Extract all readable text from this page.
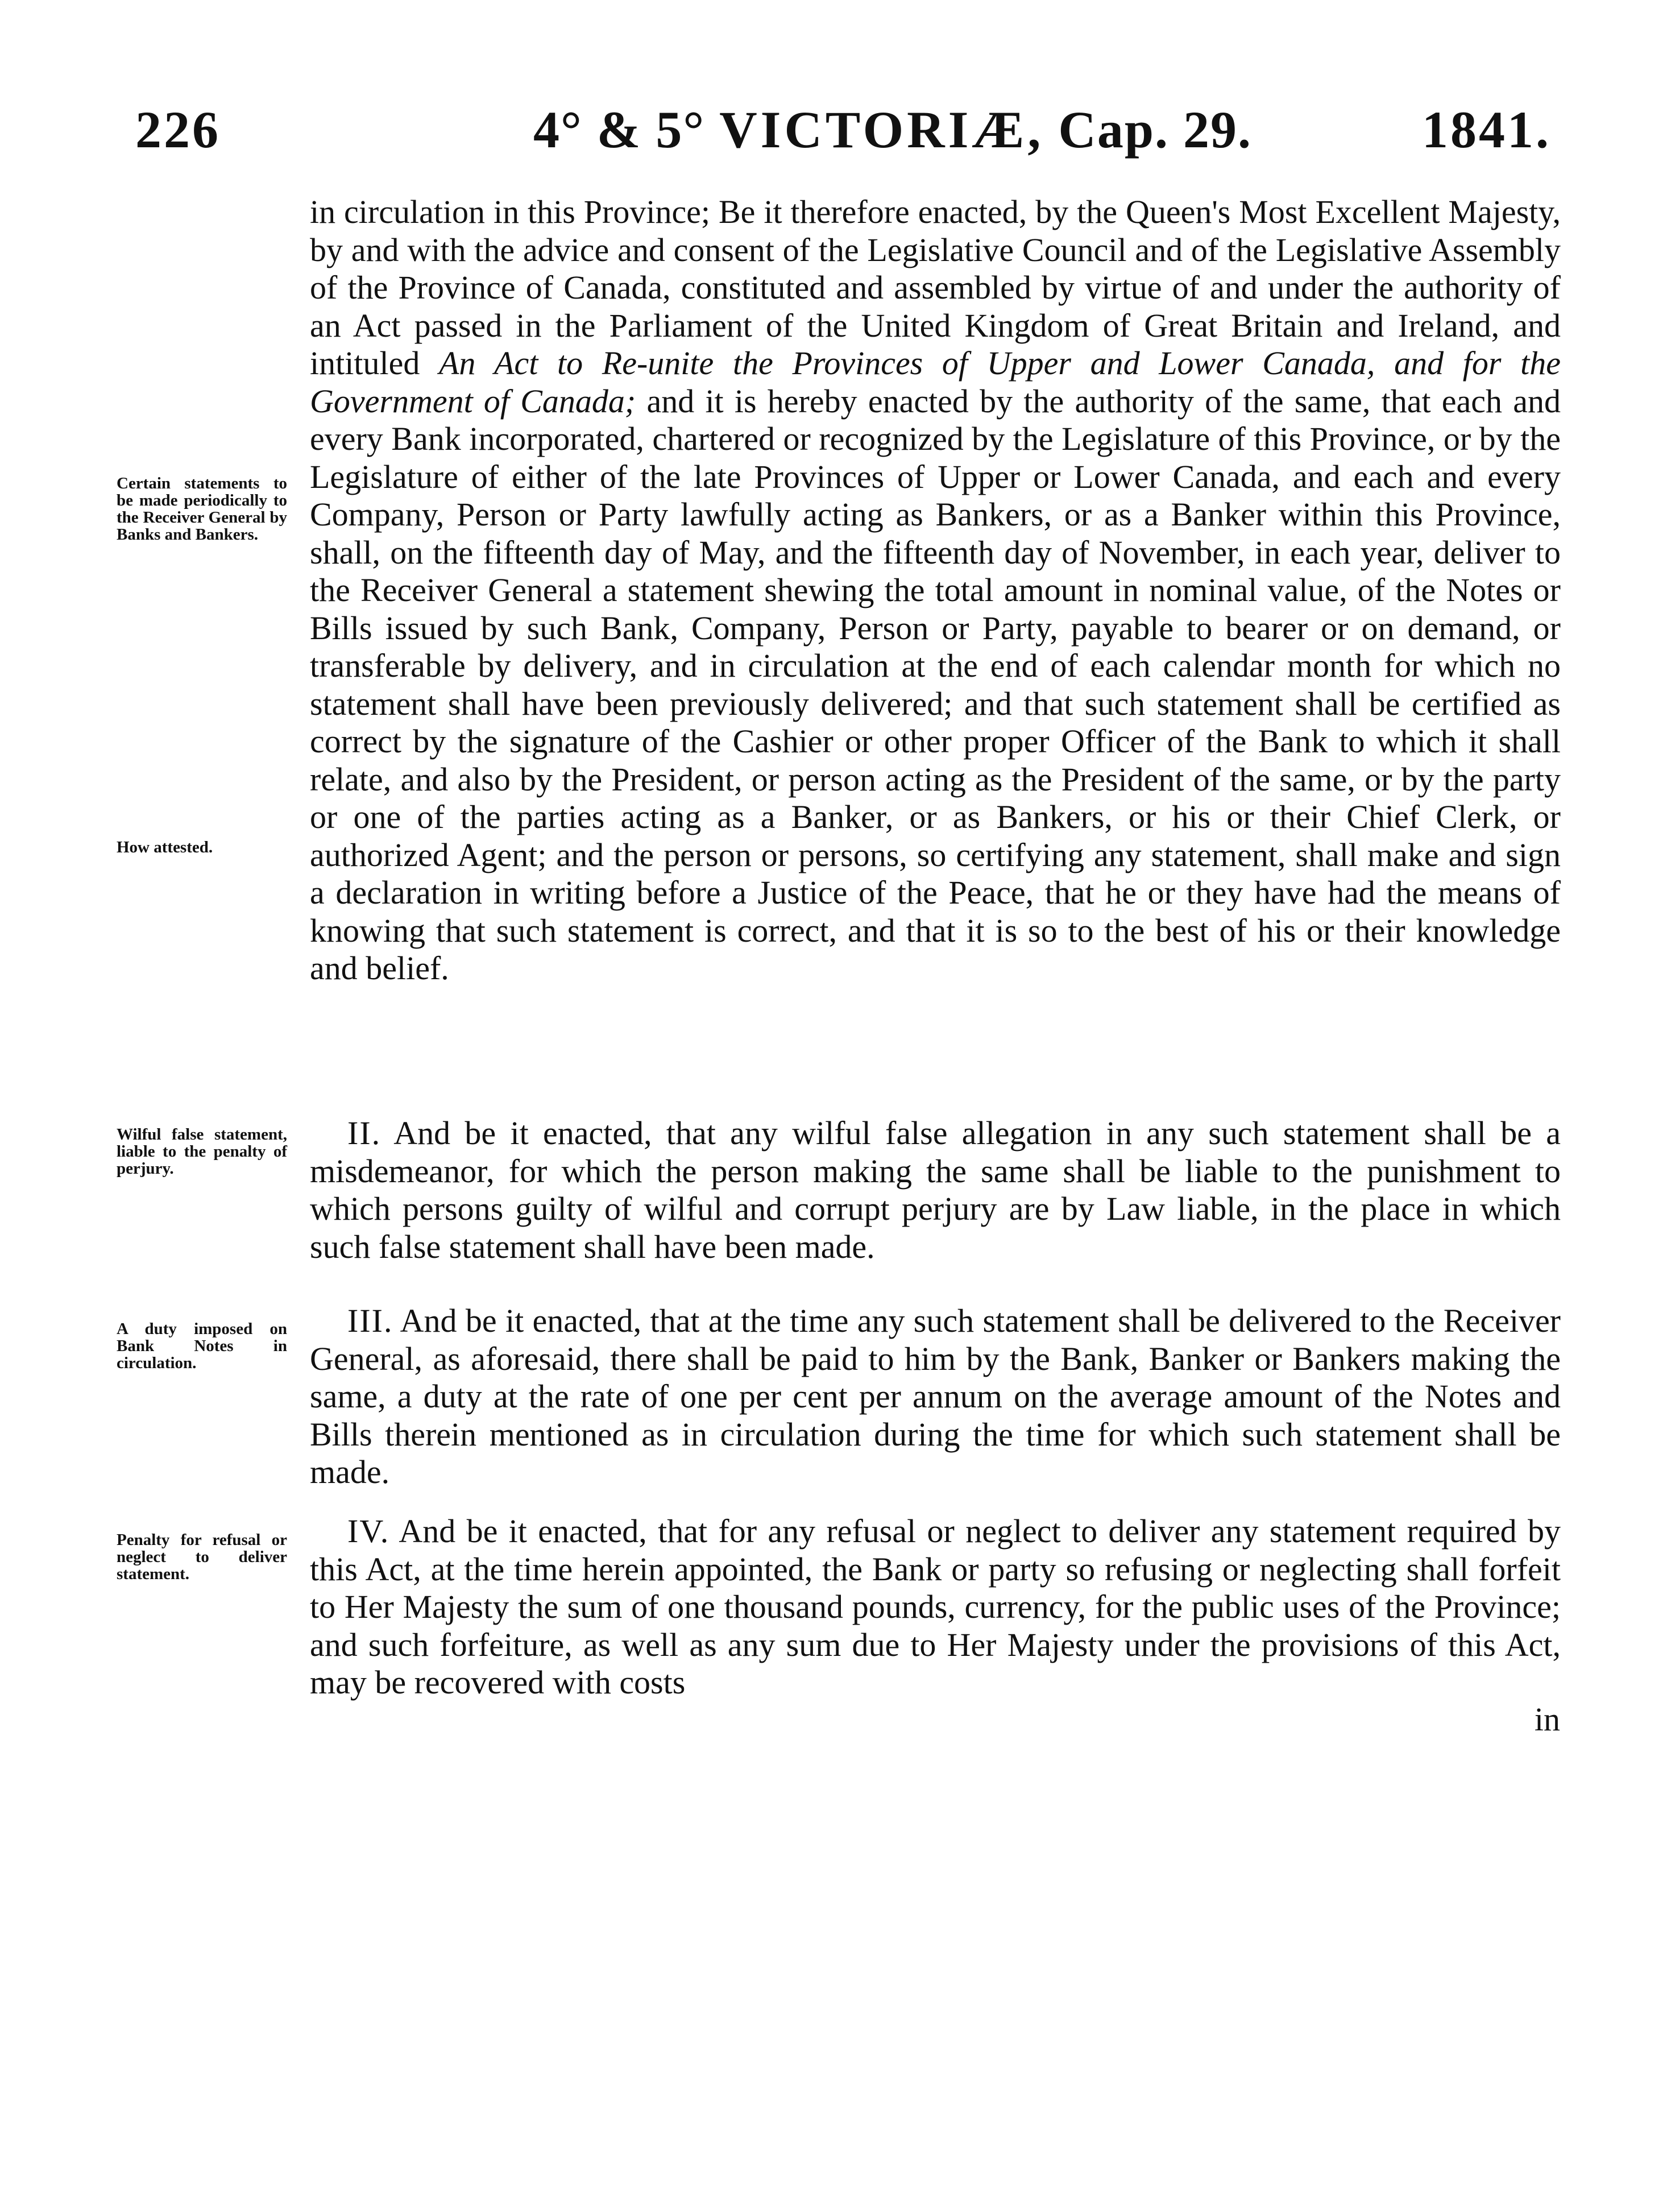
226	4° & 5° VICTORIÆ, Cap. 29.	1841.

in circulation in this Province; Be it therefore enacted, by the Queen's Most Excellent Majesty, by and with the advice and consent of the Legislative Council and of the Legislative Assembly of the Province of Canada, constituted and assembled by virtue of and under the authority of an Act passed in the Parliament of the United Kingdom of Great Britain and Ireland, and intituled An Act to Re-unite the Provinces of Upper and Lower Canada, and for the Government of Canada; and it is hereby enacted by the authority of the same, that each and every Bank incorporated, chartered or recognized by the Legislature of this Province, or by the Legislature of either of the late Provinces of Upper or Lower Canada, and each and every Company, Person or Party lawfully acting as Bankers, or as a Banker within this Province, shall, on the fifteenth day of May, and the fifteenth day of November, in each year, deliver to the Receiver General a statement shewing the total amount in nominal value, of the Notes or Bills issued by such Bank, Company, Person or Party, payable to bearer or on demand, or transferable by delivery, and in circulation at the end of each calendar month for which no statement shall have been previously delivered; and that such statement shall be certified as correct by the signature of the Cashier or other proper Officer of the Bank to which it shall relate, and also by the President, or person acting as the President of the same, or by the party or one of the parties acting as a Banker, or as Bankers, or his or their Chief Clerk, or authorized Agent; and the person or persons, so certifying any statement, shall make and sign a declaration in writing before a Justice of the Peace, that he or they have had the means of knowing that such statement is correct, and that it is so to the best of his or their knowledge and belief.

II. And be it enacted, that any wilful false allegation in any such statement shall be a misdemeanor, for which the person making the same shall be liable to the punishment to which persons guilty of wilful and corrupt perjury are by Law liable, in the place in which such false statement shall have been made.

III. And be it enacted, that at the time any such statement shall be delivered to the Receiver General, as aforesaid, there shall be paid to him by the Bank, Banker or Bankers making the same, a duty at the rate of one per cent per annum on the average amount of the Notes and Bills therein mentioned as in circulation during the time for which such statement shall be made.

IV. And be it enacted, that for any refusal or neglect to deliver any statement required by this Act, at the time herein appointed, the Bank or party so refusing or neglecting shall forfeit to Her Majesty the sum of one thousand pounds, currency, for the public uses of the Province; and such forfeiture, as well as any sum due to Her Majesty under the provisions of this Act, may be recovered with costs

in
Certain statements to be made periodically to the Receiver General by Banks and Bankers.
How attested.
Wilful false statement, liable to the penalty of perjury.
A duty imposed on Bank Notes in circulation.
Penalty for refusal or neglect to deliver statement.
